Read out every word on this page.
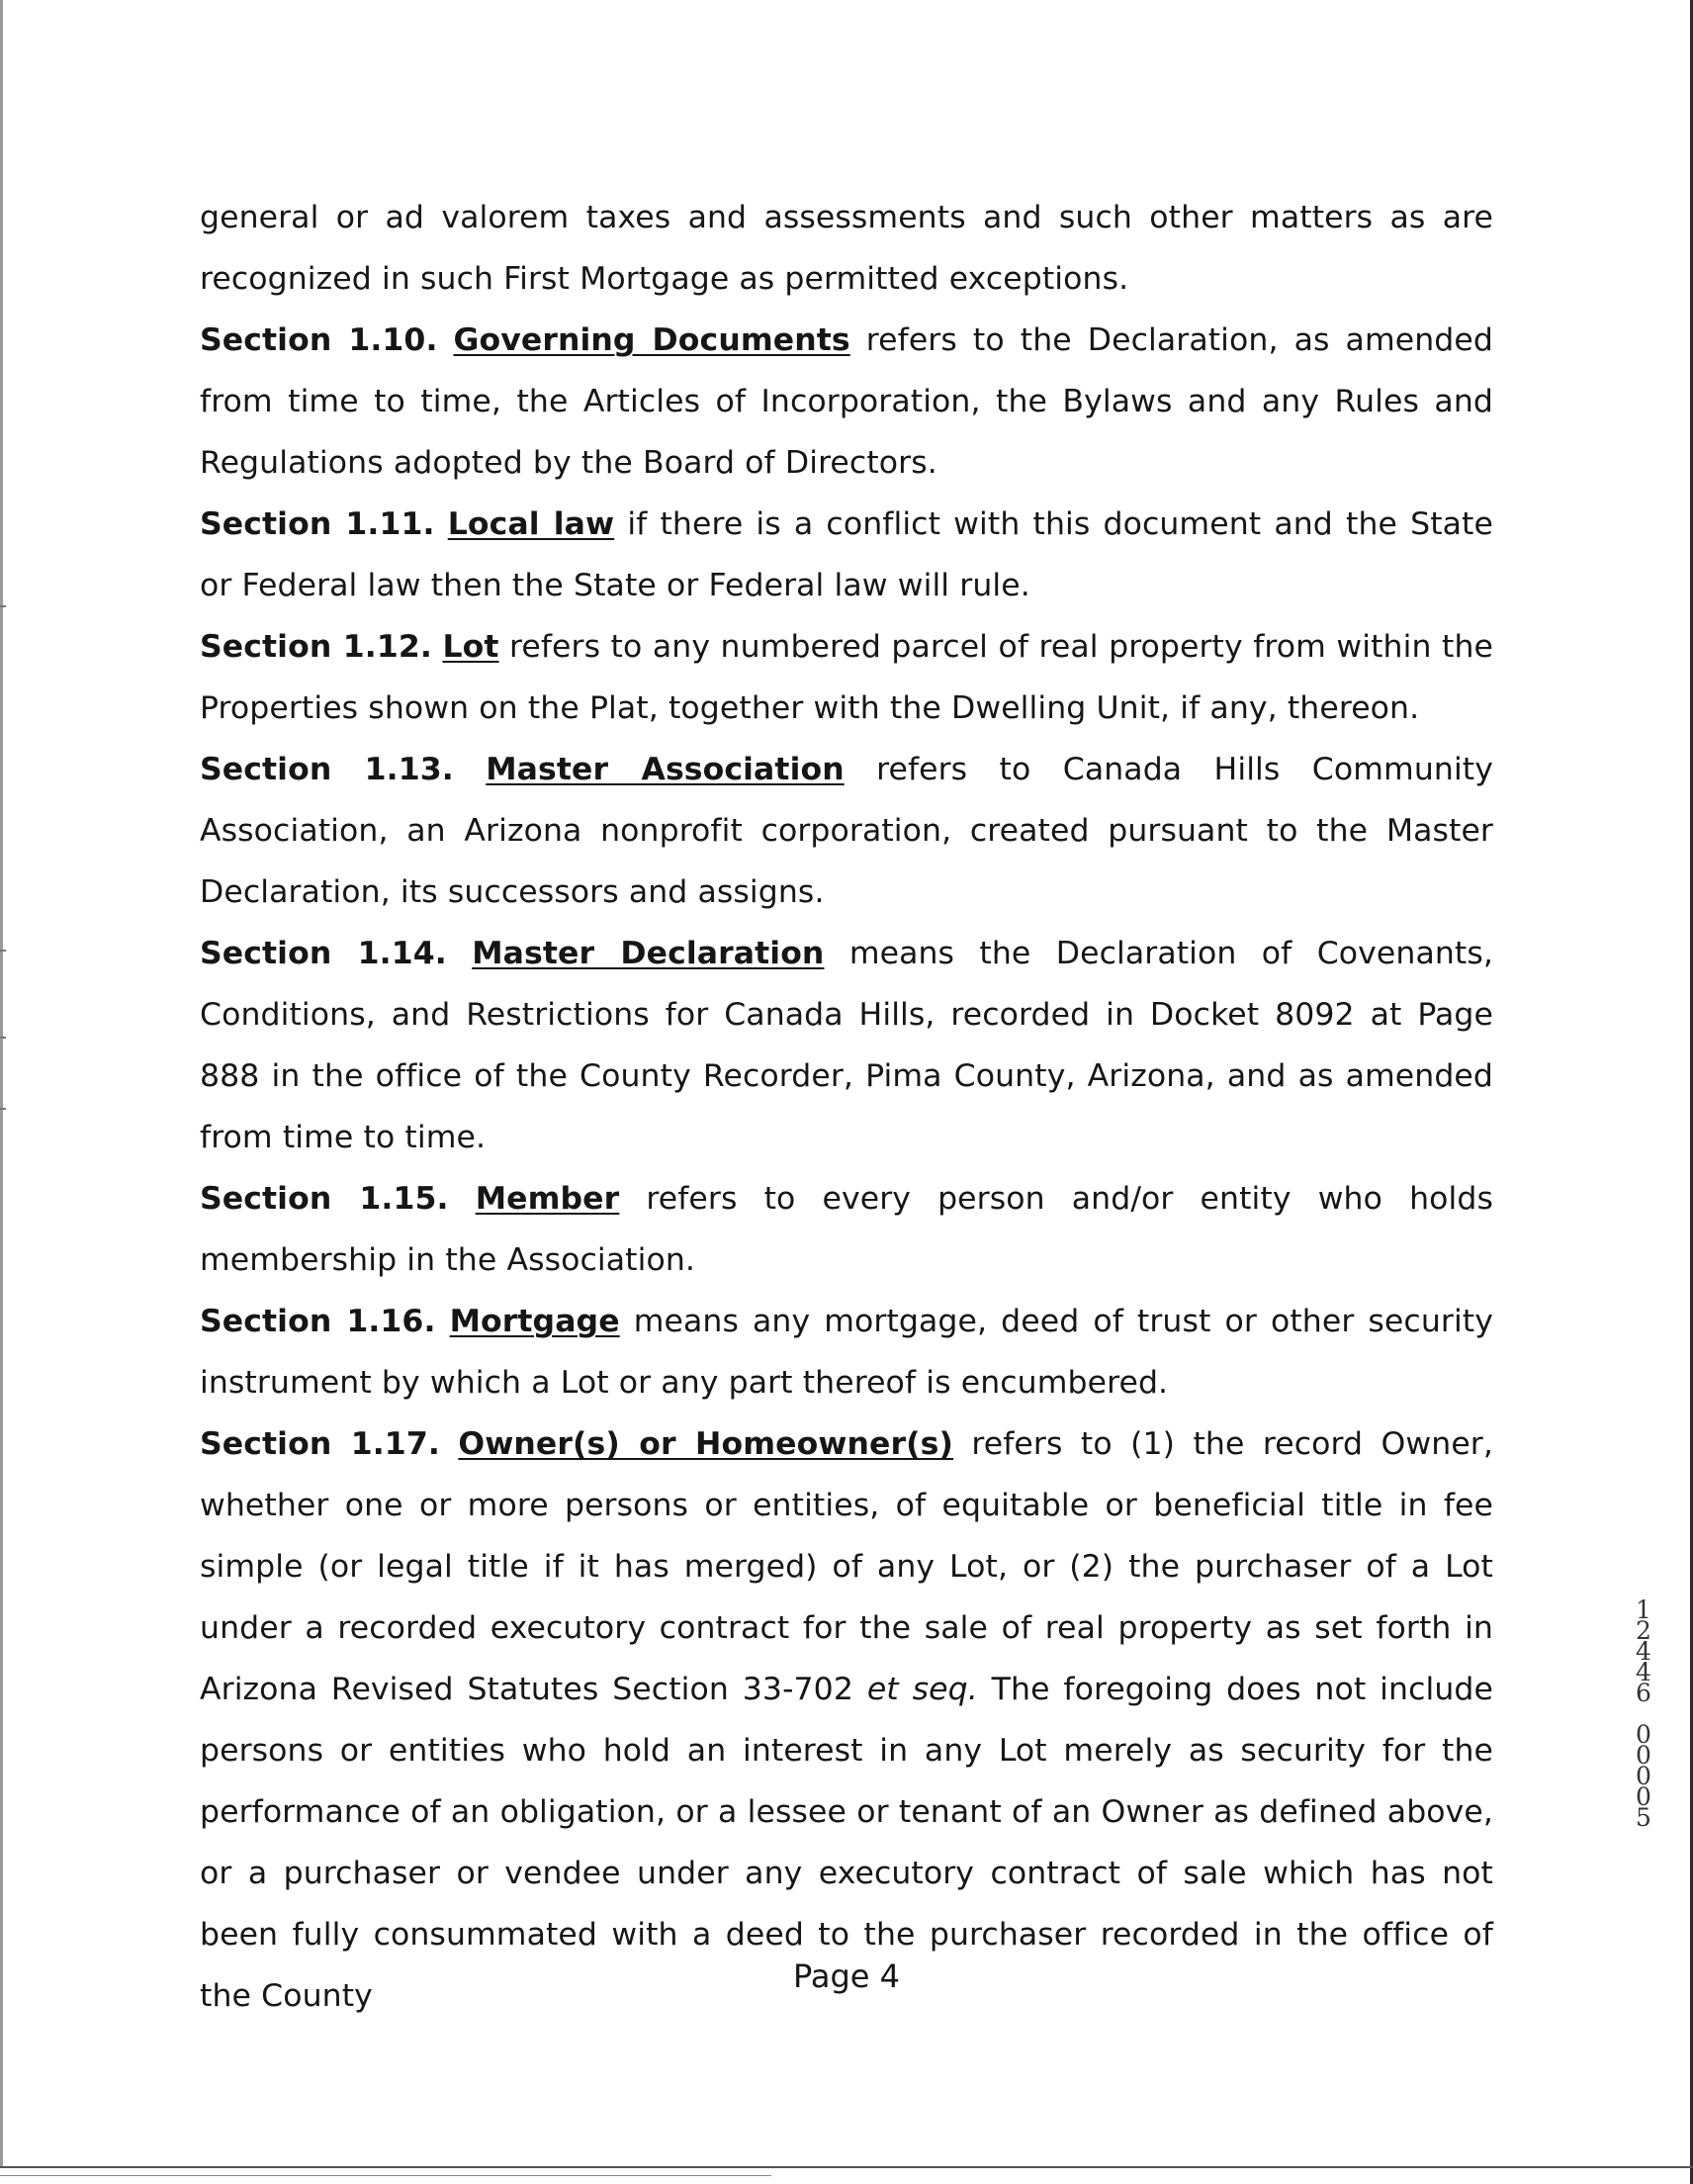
general or ad valorem taxes and assessments and such other matters as are recognized in such First Mortgage as permitted exceptions.

Section 1.10. Governing Documents refers to the Declaration, as amended from time to time, the Articles of Incorporation, the Bylaws and any Rules and Regulations adopted by the Board of Directors.

Section 1.11. Local law if there is a conflict with this document and the State or Federal law then the State or Federal law will rule.

Section 1.12. Lot refers to any numbered parcel of real property from within the Properties shown on the Plat, together with the Dwelling Unit, if any, thereon.

Section 1.13. Master Association refers to Canada Hills Community Association, an Arizona nonprofit corporation, created pursuant to the Master Declaration, its successors and assigns.

Section 1.14. Master Declaration means the Declaration of Covenants, Conditions, and Restrictions for Canada Hills, recorded in Docket 8092 at Page 888 in the office of the County Recorder, Pima County, Arizona, and as amended from time to time.

Section 1.15. Member refers to every person and/or entity who holds membership in the Association.

Section 1.16. Mortgage means any mortgage, deed of trust or other security instrument by which a Lot or any part thereof is encumbered.

Section 1.17. Owner(s) or Homeowner(s) refers to (1) the record Owner, whether one or more persons or entities, of equitable or beneficial title in fee simple (or legal title if it has merged) of any Lot, or (2) the purchaser of a Lot under a recorded executory contract for the sale of real property as set forth in Arizona Revised Statutes Section 33-702 et seq. The foregoing does not include persons or entities who hold an interest in any Lot merely as security for the performance of an obligation, or a lessee or tenant of an Owner as defined above, or a purchaser or vendee under any executory contract of sale which has not been fully consummated with a deed to the purchaser recorded in the office of the County

Page 4
1
2
4
4
6

0
0
0
0
5
